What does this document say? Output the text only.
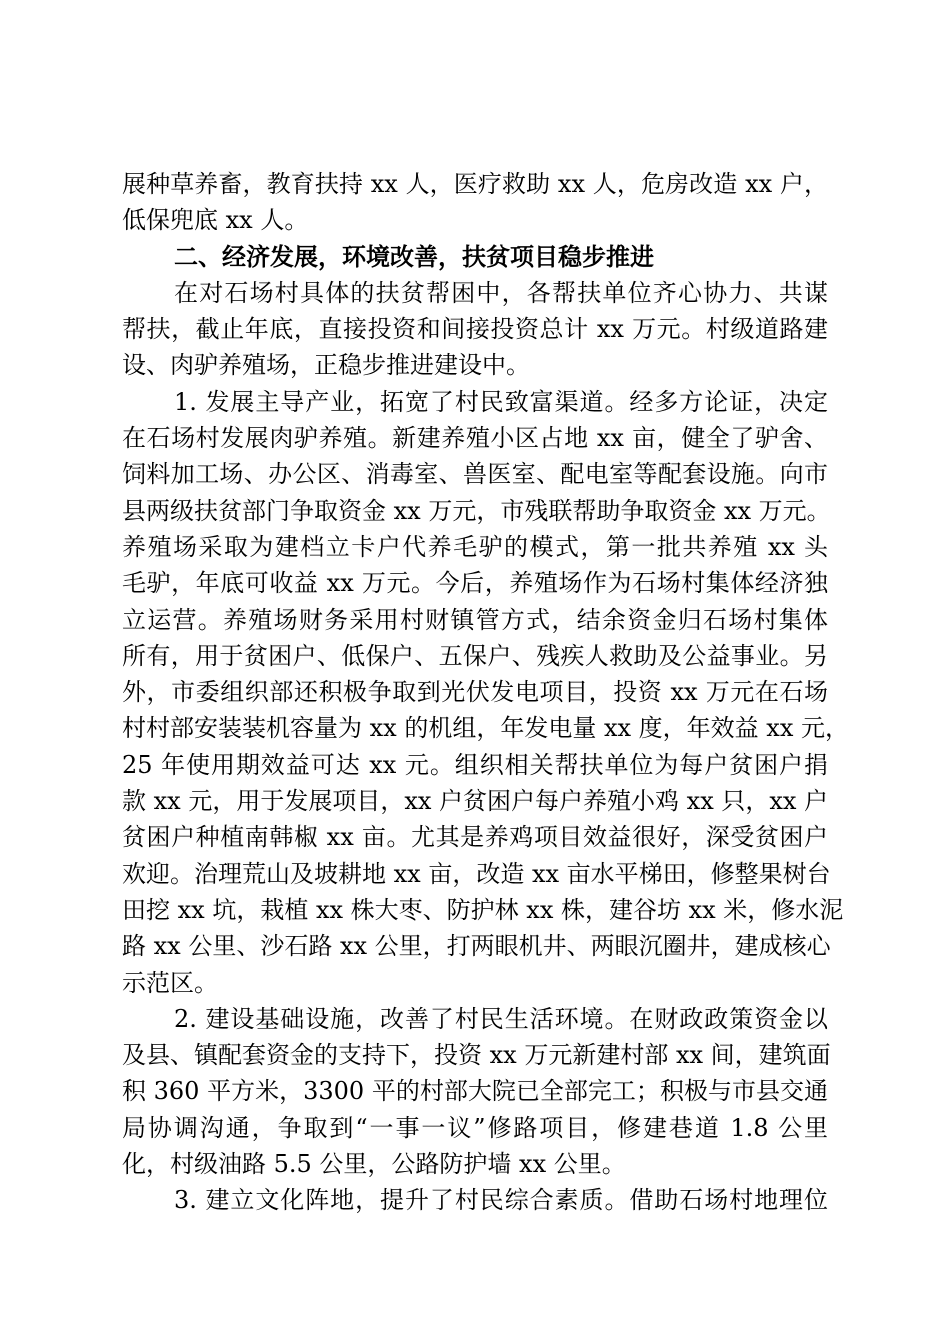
展种草养畜，教育扶持 xx 人，医疗救助 xx 人，危房改造 xx 户，
低保兜底 xx 人。
二、经济发展，环境改善，扶贫项目稳步推进
在对石场村具体的扶贫帮困中，各帮扶单位齐心协力、共谋
帮扶，截止年底，直接投资和间接投资总计 xx 万元。村级道路建
设、肉驴养殖场，正稳步推进建设中。
1. 发展主导产业，拓宽了村民致富渠道。经多方论证，决定
在石场村发展肉驴养殖。新建养殖小区占地 xx 亩，健全了驴舍、
饲料加工场、办公区、消毒室、兽医室、配电室等配套设施。向市
县两级扶贫部门争取资金 xx 万元，市残联帮助争取资金 xx 万元。
养殖场采取为建档立卡户代养毛驴的模式，第一批共养殖 xx 头
毛驴，年底可收益 xx 万元。今后，养殖场作为石场村集体经济独
立运营。养殖场财务采用村财镇管方式，结余资金归石场村集体
所有，用于贫困户、低保户、五保户、残疾人救助及公益事业。另
外，市委组织部还积极争取到光伏发电项目，投资 xx 万元在石场
村村部安装装机容量为 xx 的机组，年发电量 xx 度，年效益 xx 元，
25 年使用期效益可达 xx 元。组织相关帮扶单位为每户贫困户捐
款 xx 元，用于发展项目，xx 户贫困户每户养殖小鸡 xx 只，xx 户
贫困户种植南韩椒 xx 亩。尤其是养鸡项目效益很好，深受贫困户
欢迎。治理荒山及坡耕地 xx 亩，改造 xx 亩水平梯田，修整果树台
田挖 xx 坑，栽植 xx 株大枣、防护林 xx 株，建谷坊 xx 米，修水泥
路 xx 公里、沙石路 xx 公里，打两眼机井、两眼沉圈井，建成核心
示范区。
2. 建设基础设施，改善了村民生活环境。在财政政策资金以
及县、镇配套资金的支持下，投资 xx 万元新建村部 xx 间，建筑面
积 360 平方米，3300 平的村部大院已全部完工；积极与市县交通
局协调沟通，争取到“一事一议”修路项目，修建巷道 1.8 公里
化，村级油路 5.5 公里，公路防护墙 xx 公里。
3. 建立文化阵地，提升了村民综合素质。借助石场村地理位
